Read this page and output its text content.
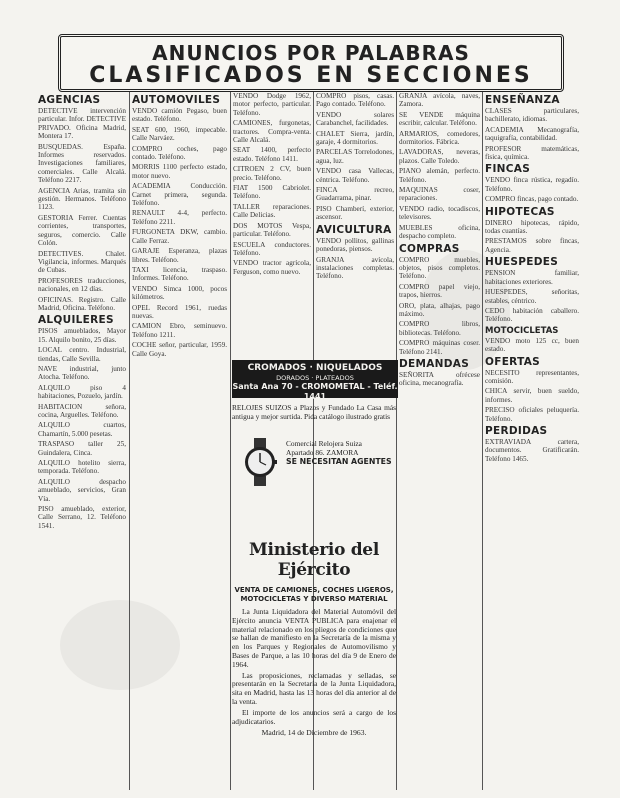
ANUNCIOS POR PALABRAS
CLASIFICADOS EN SECCIONES
AGENCIAS

DETECTIVE intervención particular. Infor. DETECTIVE PRIVADO. Oficina Madrid, Montera 17.

BUSQUEDAS. España. Informes reservados. Investigaciones familiares, comerciales. Calle Alcalá. Teléfono 2217.

AGENCIA Arias, tramita sin gestión. Hermanos. Teléfono 1123.

GESTORIA Ferrer. Cuentas corrientes, transportes, seguros, comercio. Calle Colón.

DETECTIVES. Chalet. Vigilancia, informes. Marqués de Cubas.

PROFESORES traducciones, nacionales, en 12 días.

OFICINAS. Registro. Calle Madrid, Oficina. Teléfono.

ALQUILERES

PISOS amueblados, Mayor 15. Alquilo bonito, 25 días.

LOCAL centro. Industrial, tiendas, Calle Sevilla.

NAVE industrial, junto Atocha. Teléfono.

ALQUILO piso 4 habitaciones, Pozuelo, jardín.

HABITACION señora, cocina, Arguelles. Teléfono.

ALQUILO cuartos, Chamartín, 5.000 pesetas.

TRASPASO taller 25, Guindalera, Cinca.

ALQUILO hotelito sierra, temporada. Teléfono.

ALQUILO despacho amueblado, servicios, Gran Vía.

PISO amueblado, exterior, Calle Serrano, 12. Teléfono 1541.

AUTOMOVILES

VENDO camión Pegaso, buen estado. Teléfono.

SEAT 600, 1960, impecable. Calle Narváez.

COMPRO coches, pago contado. Teléfono.

MORRIS 1100 perfecto estado, motor nuevo.

ACADEMIA Conducción. Carnet primera, segunda. Teléfono.

RENAULT 4-4, perfecto. Teléfono 2211.

FURGONETA DKW, cambio. Calle Ferraz.

GARAJE Esperanza, plazas libres. Teléfono.

TAXI licencia, traspaso. Informes. Teléfono.

VENDO Simca 1000, pocos kilómetros.

OPEL Record 1961, ruedas nuevas.

CAMION Ebro, seminuevo. Teléfono 1211.

COCHE señor, particular, 1959. Calle Goya.

VENDO Dodge 1962, motor perfecto, particular. Teléfono.

CAMIONES, furgonetas, tractores. Compra-venta. Calle Alcalá.

SEAT 1400, perfecto estado. Teléfono 1411.

CITROEN 2 CV, buen precio. Teléfono.

FIAT 1500 Cabriolet. Teléfono.

TALLER reparaciones. Calle Delicias.

DOS MOTOS Vespa, particular. Teléfono.

ESCUELA conductores. Teléfono.

VENDO tractor agrícola, Ferguson, como nuevo.

COMPRO pisos, casas. Pago contado. Teléfono.

VENDO solares Carabanchel, facilidades.

CHALET Sierra, jardín, garaje, 4 dormitorios.

PARCELAS Torrelodones, agua, luz.

VENDO casa Vallecas, céntrica. Teléfono.

FINCA recreo, Guadarrama, pinar.

PISO Chamberí, exterior, ascensor.

AVICULTURA

VENDO pollitos, gallinas ponedoras, piensos.

GRANJA avícola, instalaciones completas. Teléfono.

GRANJA avícola, naves, Zamora.

SE VENDE máquina escribir, calcular. Teléfono.

ARMARIOS, comedores, dormitorios. Fábrica.

LAVADORAS, neveras, plazos. Calle Toledo.

PIANO alemán, perfecto. Teléfono.

MAQUINAS coser, reparaciones.

VENDO radio, tocadiscos, televisores.

MUEBLES oficina, despacho completo.

COMPRAS

COMPRO muebles, objetos, pisos completos. Teléfono.

COMPRO papel viejo, trapos, hierros.

ORO, plata, alhajas, pago máximo.

COMPRO libros, bibliotecas. Teléfono.

COMPRO máquinas coser. Teléfono 2141.

DEMANDAS

SEÑORITA ofrécese oficina, mecanografía.

ENSEÑANZA

CLASES particulares, bachillerato, idiomas.

ACADEMIA Mecanografía, taquigrafía, contabilidad.

PROFESOR matemáticas, física, química.

FINCAS

VENDO finca rústica, regadío. Teléfono.

COMPRO fincas, pago contado.

HIPOTECAS

DINERO hipotecas, rápido, todas cuantías.

PRESTAMOS sobre fincas, Agencia.

HUESPEDES

PENSION familiar, habitaciones exteriores.

HUESPEDES, señoritas, estables, céntrico.

CEDO habitación caballero. Teléfono.

MOTOCICLETAS

VENDO moto 125 cc, buen estado.

OFERTAS

NECESITO representantes, comisión.

CHICA servir, buen sueldo, informes.

PRECISO oficiales peluquería. Teléfono.

PERDIDAS

EXTRAVIADA cartera, documentos. Gratificarán. Teléfono 1465.

CROMADOS · NIQUELADOS
DORADOS · PLATEADOS
Santa Ana 70 - CROMOMETAL - Teléf. 1441
RELOJES SUIZOS a Plazos y Fundado La Casa más antigua y mejor surtida. Pida catálogo ilustrado gratis
Comercial Relojera Suiza
Apartado 86. ZAMORA
SE NECESITAN AGENTES
Ministerio del Ejército
VENTA DE CAMIONES, COCHES LIGEROS, MOTOCICLETAS Y DIVERSO MATERIAL

La Junta Liquidadora del Material Automóvil del Ejército anuncia VENTA PUBLICA para enajenar el material relacionado en los pliegos de condiciones que se hallan de manifiesto en la Secretaría de la misma y en los Parques y Regionales de Automovilismo y Bases de Parque, a las 10 horas del día 9 de Enero de 1964.

Las proposiciones, reclamadas y selladas, se presentarán en la Secretaría de la Junta Liquidadora, sita en Madrid, hasta las 13 horas del día anterior al de la venta.

El importe de los anuncios será a cargo de los adjudicatarios.

Madrid, 14 de Diciembre de 1963.
